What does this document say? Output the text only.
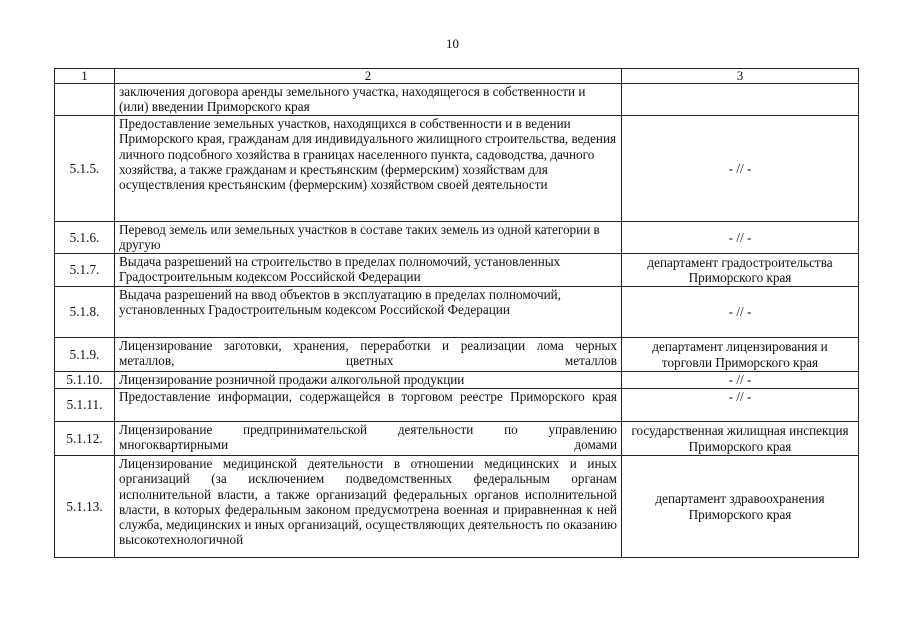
10
1	2	3
	заключения договора аренды земельного участка, находящегося в собственности и (или) введении Приморского края	
5.1.5.	Предоставление земельных участков, находящихся в собственности и в ведении Приморского края, гражданам для индивидуального жилищного строительства, ведения личного подсобного хозяйства в границах населенного пункта, садоводства, дачного хозяйства, а также гражданам и крестьянским (фермерским) хозяйствам для осуществления крестьянским (фермерским) хозяйством своей деятельности	- // -
5.1.6.	Перевод земель или земельных участков в составе таких земель из одной категории в другую	- // -
5.1.7.	Выдача разрешений на строительство в пределах полномочий, установленных Градостроительным кодексом Российской Федерации	департамент градостроительства Приморского края
5.1.8.	Выдача разрешений на ввод объектов в эксплуатацию в пределах полномочий, установленных Градостроительным кодексом Российской Федерации	- // -
5.1.9.	Лицензирование заготовки, хранения, переработки и реализации лома черных металлов, цветных металлов	департамент лицензирования и торговли Приморского края
5.1.10.	Лицензирование розничной продажи алкогольной продукции	- // -
5.1.11.	Предоставление информации, содержащейся в торговом реестре Приморского края	- // -
5.1.12.	Лицензирование предпринимательской деятельности по управлению многоквартирными домами	государственная жилищная инспекция Приморского края
5.1.13.	Лицензирование медицинской деятельности в отношении медицинских и иных организаций (за исключением подведомственных федеральным органам исполнительной власти, а также организаций федеральных органов исполнительной власти, в которых федеральным законом предусмотрена военная и приравненная к ней служба, медицинских и иных организаций, осуществляющих деятельность по оказанию высокотехнологичной	департамент здравоохранения Приморского края
